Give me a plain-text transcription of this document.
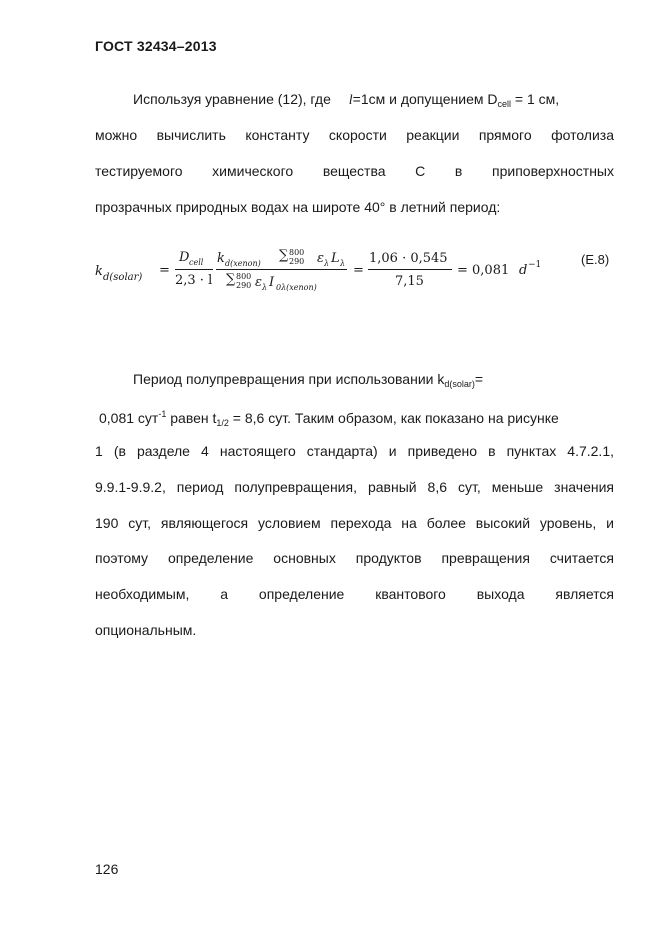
ГОСТ 32434–2013
Используя уравнение (12), где l=1см и допущением $D_{cell} = 1$ см,
можно вычислить константу скорости реакции прямого фотолиза
тестируемого химического вещества С в приповерхностных
прозрачных природных водах на широте 40° в летний период:
k d(solar) =
D cell
2,3 · l
k d(xenon)
∑ 800
290 ε λ L λ
∑ 800
290 ε λ I 0λ(xenon)
=
1,06 · 0,545
7,15
= 0,081 d −1	(Е.8)
Период полупревращения при использовании $k_{d(solar)}=$
0,081 сут$^{-1}$ равен $t_{1/2} = 8,6$ сут. Таким образом, как показано на рисунке
1 (в разделе 4 настоящего стандарта) и приведено в пунктах 4.7.2.1,
9.9.1-9.9.2, период полупревращения, равный 8,6 сут, меньше значения
190 сут, являющегося условием перехода на более высокий уровень, и
поэтому определение основных продуктов превращения считается
необходимым, а определение квантового выхода является
опциональным.
126
